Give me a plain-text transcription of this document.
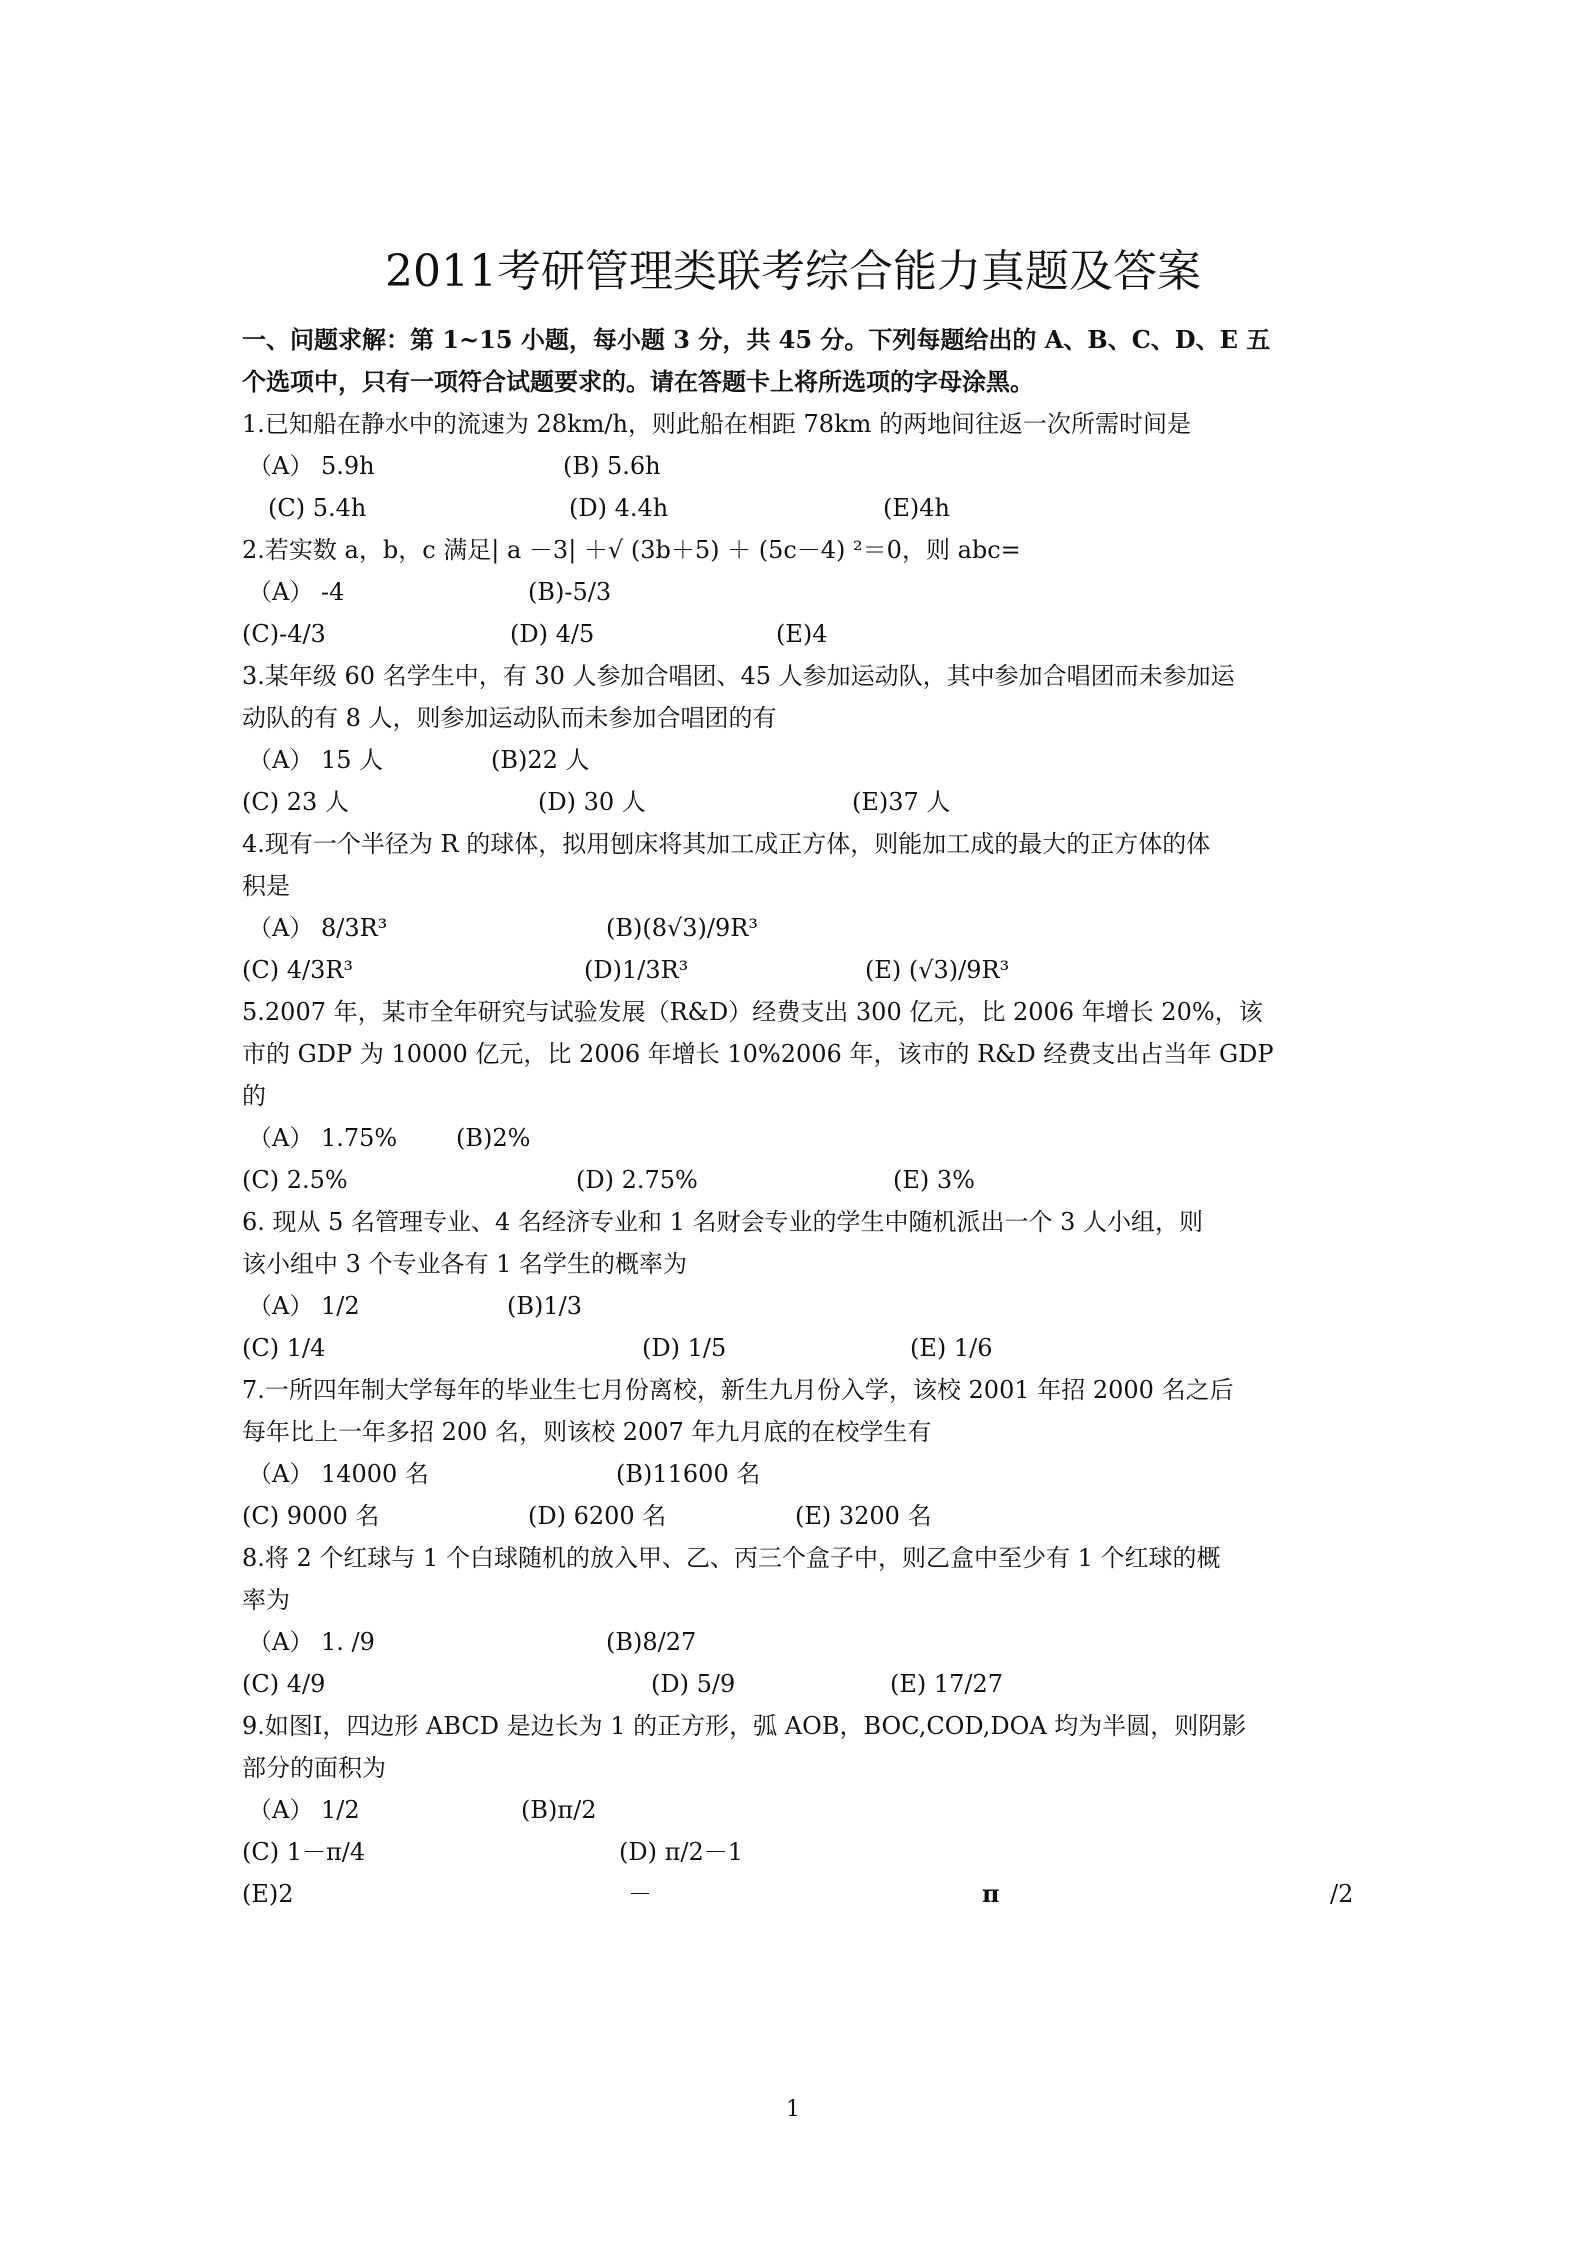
2011考研管理类联考综合能力真题及答案
一、问题求解：第 1~15 小题，每小题 3 分，共 45 分。下列每题给出的 A、B、C、D、E 五
个选项中，只有一项符合试题要求的。请在答题卡上将所选项的字母涂黑。
1.已知船在静水中的流速为 28km/h，则此船在相距 78km 的两地间往返一次所需时间是
（A） 5.9h	(B) 5.6h
(C) 5.4h	(D) 4.4h	(E)4h
2.若实数 a，b，c 满足| a －3| ＋√ (3b＋5) ＋ (5c－4) ²＝0，则 abc=
（A） -4	(B)-5/3
(C)-4/3	(D) 4/5	(E)4
3.某年级 60 名学生中，有 30 人参加合唱团、45 人参加运动队，其中参加合唱团而未参加运
动队的有 8 人，则参加运动队而未参加合唱团的有
（A） 15 人	(B)22 人
(C) 23 人	(D) 30 人	(E)37 人
4.现有一个半径为 R 的球体，拟用刨床将其加工成正方体，则能加工成的最大的正方体的体
积是
（A） 8/3R³	(B)(8√3)/9R³
(C) 4/3R³	(D)1/3R³	(E) (√3)/9R³
5.2007 年，某市全年研究与试验发展（R&D）经费支出 300 亿元，比 2006 年增长 20%，该
市的 GDP 为 10000 亿元，比 2006 年增长 10%2006 年，该市的 R&D 经费支出占当年 GDP
的
（A） 1.75% (B)2%
(C) 2.5%	(D) 2.75%	(E) 3%
6. 现从 5 名管理专业、4 名经济专业和 1 名财会专业的学生中随机派出一个 3 人小组，则
该小组中 3 个专业各有 1 名学生的概率为
（A） 1/2	(B)1/3
(C) 1/4	(D) 1/5	(E) 1/6
7.一所四年制大学每年的毕业生七月份离校，新生九月份入学，该校 2001 年招 2000 名之后
每年比上一年多招 200 名，则该校 2007 年九月底的在校学生有
（A） 14000 名	(B)11600 名
(C) 9000 名	(D) 6200 名	(E) 3200 名
8.将 2 个红球与 1 个白球随机的放入甲、乙、丙三个盒子中，则乙盒中至少有 1 个红球的概
率为
（A） 1. /9	(B)8/27
(C) 4/9	(D) 5/9	(E) 17/27
9.如图Ⅰ，四边形 ABCD 是边长为 1 的正方形，弧 AOB，BOC,COD,DOA 均为半圆，则阴影
部分的面积为
（A） 1/2	(B)π/2
(C) 1－π/4	(D) π/2－1
(E)2	－	π	/2
1
